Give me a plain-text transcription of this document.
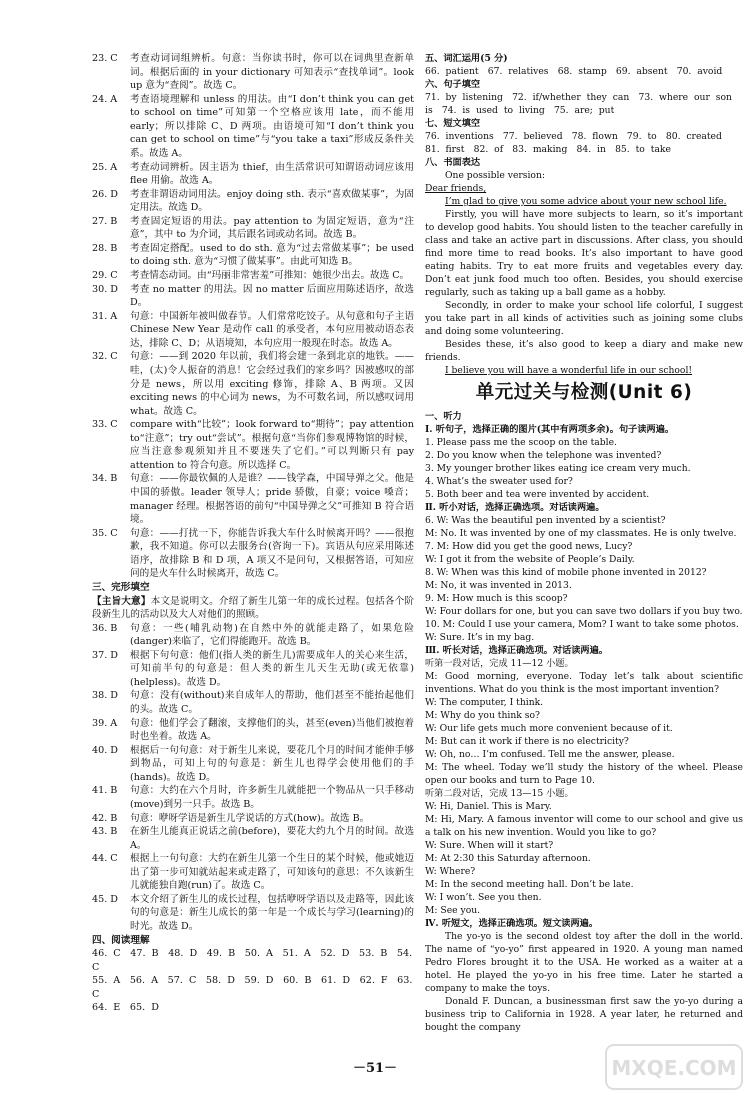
23. C	考查动词词组辨析。句意：当你读书时，你可以在词典里查新单词。根据后面的 in your dictionary 可知表示“查找单词”。look up 意为“查阅”。故选 C。
24. A	考查语境理解和 unless 的用法。由“I don’t think you can get to school on time”可知第一个空格应该用 late，而不能用 early；所以排除 C、D 两项。由语境可知“I don’t think you can get to school on time”与“you take a taxi”形成反条件关系。故选 A。
25. A	考查动词辨析。因主语为 thief，由生活常识可知谓语动词应该用 flee 用偷。故选 A。
26. D	考查非谓语动词用法。enjoy doing sth. 表示“喜欢做某事”，为固定用法。故选 D。
27. B	考查固定短语的用法。pay attention to 为固定短语，意为“注意”，其中 to 为介词，其后跟名词或动名词。故选 B。
28. B	考查固定搭配。used to do sth. 意为“过去常做某事”；be used to doing sth. 意为“习惯了做某事”。由此可知选 B。
29. C	考查情态动词。由“玛丽非常害羞”可推知：她很少出去。故选 C。
30. D	考查 no matter 的用法。因 no matter 后面应用陈述语序，故选 D。
31. A	句意：中国新年被叫做春节。人们常常吃饺子。从句意和句子主语 Chinese New Year 是动作 call 的承受者，本句应用被动语态表达，排除 C、D；从语境知，本句应用一般现在时态。故选 A。
32. C	句意：——到 2020 年以前，我们将会建一条到北京的地铁。——哇，(太)令人振奋的消息！它会经过我们的家乡吗？因被感叹的部分是 news，所以用 exciting 修饰，排除 A、B 两项。又因 exciting news 的中心词为 news，为不可数名词，所以感叹词用 what。故选 C。
33. C	compare with“比较”；look forward to“期待”；pay attention to“注意”；try out“尝试”。根据句意“当你们参观博物馆的时候，应当注意参观须知并且不要迷失了它们。”可以判断只有 pay attention to 符合句意。所以选择 C。
34. B	句意：——你最钦佩的人是谁？——钱学森，中国导弹之父。他是中国的骄傲。leader 领导人；pride 骄傲，自豪；voice 嗓音；manager 经理。根据答语的前句“中国导弹之父”可推知 B 符合语境。
35. C	句意：——打扰一下，你能告诉我大车什么时候离开吗？——很抱歉，我不知道。你可以去服务台(咨询一下)。宾语从句应采用陈述语序，故排除 B 和 D 项，A 项又不是问句，又根据答语，可知应问的是火车什么时候离开，故选 C。

三、完形填空

【主旨大意】本文是说明文。介绍了新生儿第一年的成长过程。包括各个阶段新生儿的活动以及大人对他们的照顾。

36. B	句意：一些(哺乳动物)在自然中外的就能走路了，如果危险(danger)来临了，它们得能跑开。故选 B。
37. D	根据下句句意：他们(指人类的新生儿)需要成年人的关心来生活，可知前半句的句意是：但人类的新生儿天生无助(或无依靠)(helpless)。故选 D。
38. D	句意：没有(without)来自成年人的帮助，他们甚至不能抬起他们的头。故选 C。
39. A	句意：他们学会了翻滚，支撑他们的头，甚至(even)当他们被抱着时也坐着。故选 A。
40. D	根据后一句句意：对于新生儿来说，要花几个月的时间才能伸手够到物品，可知上句的句意是：新生儿也得学会使用他们的手(hands)。故选 D。
41. B	句意：大约在六个月时，许多新生儿就能把一个物品从一只手移动(move)到另一只手。故选 B。
42. B	句意：咿呀学语是新生儿学说话的方式(how)。故选 B。
43. B	在新生儿能真正说话之前(before)，要花大约九个月的时间。故选 A。
44. C	根据上一句句意：大约在新生儿第一个生日的某个时候，他或她迈出了第一步可知就站起来或走路了，可知该句的意思：不久该新生儿就能独自跑(run)了。故选 C。
45. D	本文介绍了新生儿的成长过程，包括咿呀学语以及走路等，因此该句的句意是：新生儿成长的第一年是一个成长与学习(learning)的时光。故选 D。

四、阅读理解

46. C　47. B　48. D　49. B　50. A　51. A　52. D　53. B　54. C

55. A　56. A　57. C　58. D　59. D　60. B　61. D　62. F　63. C

64. E　65. D

五、词汇运用(5 分)

66. patient　67. relatives　68. stamp　69. absent　70. avoid

六、句子填空

71. by listening　72. if/whether they can　73. where our son is　74. is used to living　75. are; put

七、短文填空

76. inventions　77. believed　78. flown　79. to　80. created　81. first　82. of　83. making　84. in　85. to take

八、书面表达

One possible version:

Dear friends,

I’m glad to give you some advice about your new school life.

Firstly, you will have more subjects to learn, so it’s important to develop good habits. You should listen to the teacher carefully in class and take an active part in discussions. After class, you should find more time to read books. It’s also important to have good eating habits. Try to eat more fruits and vegetables every day. Don’t eat junk food much too often. Besides, you should exercise regularly, such as taking up a ball game as a hobby.

Secondly, in order to make your school life colorful, I suggest you take part in all kinds of activities such as joining some clubs and doing some volunteering.

Besides these, it’s also good to keep a diary and make new friends.

I believe you will have a wonderful life in our school!

单元过关与检测(Unit 6)

一、听力

Ⅰ. 听句子，选择正确的图片(其中有两项多余)。句子读两遍。

1. Please pass me the scoop on the table.

2. Do you know when the telephone was invented?

3. My younger brother likes eating ice cream very much.

4. What’s the sweater used for?

5. Both beer and tea were invented by accident.

Ⅱ. 听小对话，选择正确选项。对话读两遍。

6. W: Was the beautiful pen invented by a scientist?

M: No. It was invented by one of my classmates. He is only twelve.

7. M: How did you get the good news, Lucy?

W: I got it from the website of People’s Daily.

8. W: When was this kind of mobile phone invented in 2012?

M: No, it was invented in 2013.

9. M: How much is this scoop?

W: Four dollars for one, but you can save two dollars if you buy two.

10. M: Could I use your camera, Mom? I want to take some photos.

W: Sure. It’s in my bag.

Ⅲ. 听长对话，选择正确选项。对话读两遍。

听第一段对话，完成 11—12 小题。

M: Good morning, everyone. Today let’s talk about scientific inventions. What do you think is the most important invention?

W: The computer, I think.

M: Why do you think so?

W: Our life gets much more convenient because of it.

M: But can it work if there is no electricity?

W: Oh, no… I’m confused. Tell me the answer, please.

M: The wheel. Today we’ll study the history of the wheel. Please open our books and turn to Page 10.

听第二段对话，完成 13—15 小题。

W: Hi, Daniel. This is Mary.

M: Hi, Mary. A famous inventor will come to our school and give us a talk on his new invention. Would you like to go?

W: Sure. When will it start?

M: At 2:30 this Saturday afternoon.

W: Where?

M: In the second meeting hall. Don’t be late.

W: I won’t. See you then.

M: See you.

Ⅳ. 听短文，选择正确选项。短文读两遍。

The yo-yo is the second oldest toy after the doll in the world. The name of “yo-yo” first appeared in 1920. A young man named Pedro Flores brought it to the USA. He worked as a waiter at a hotel. He played the yo-yo in his free time. Later he started a company to make the toys.

Donald F. Duncan, a businessman first saw the yo-yo during a business trip to California in 1928. A year later, he returned and bought the company

－51－	MXQE.COM
